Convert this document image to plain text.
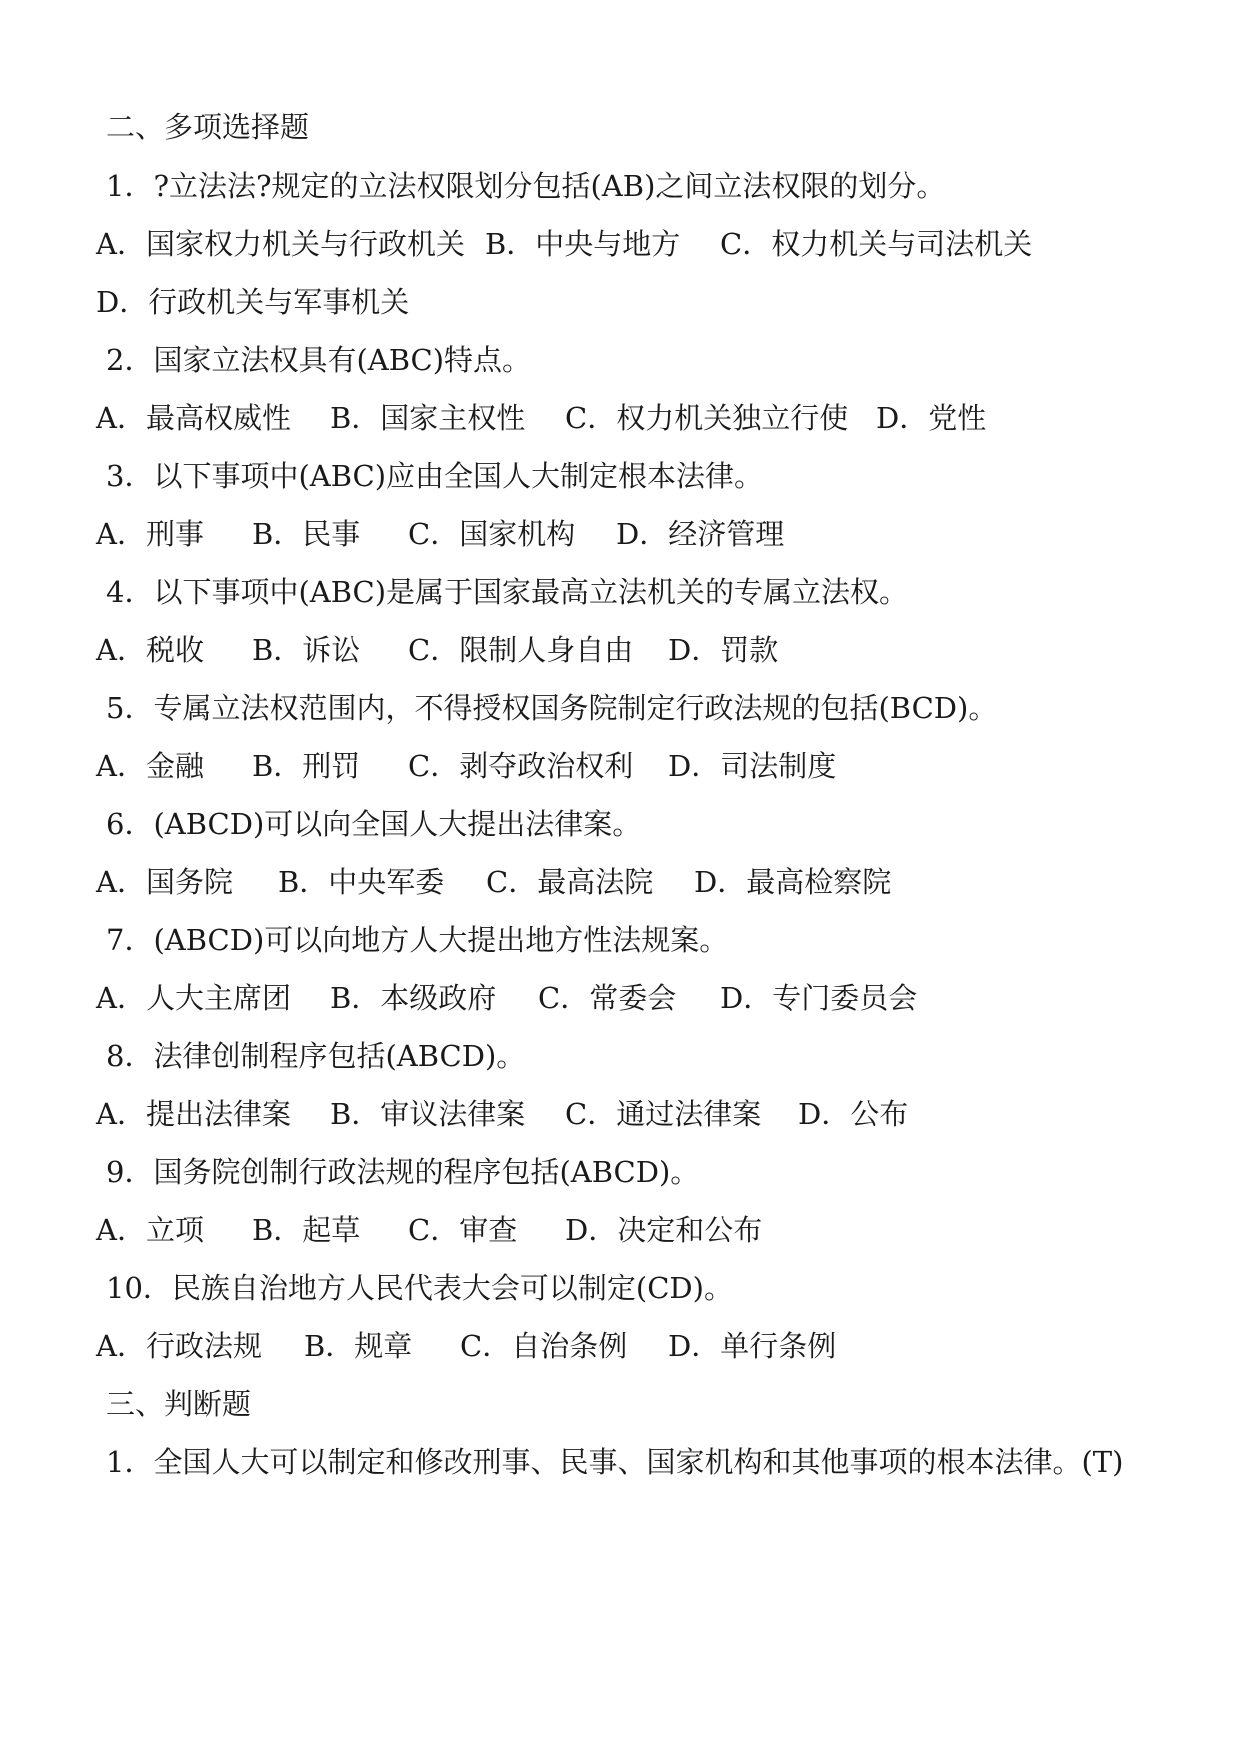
二、多项选择题
1．?立法法?规定的立法权限划分包括(AB)之间立法权限的划分。
A．国家权力机关与行政机关 B．中央与地方 C．权力机关与司法机关
D．行政机关与军事机关
2．国家立法权具有(ABC)特点。
A．最高权威性 B．国家主权性 C．权力机关独立行使 D．党性
3．以下事项中(ABC)应由全国人大制定根本法律。
A．刑事 B．民事 C．国家机构 D．经济管理
4．以下事项中(ABC)是属于国家最高立法机关的专属立法权。
A．税收 B．诉讼 C．限制人身自由 D．罚款
5．专属立法权范围内，不得授权国务院制定行政法规的包括(BCD)。
A．金融 B．刑罚 C．剥夺政治权利 D．司法制度
6．(ABCD)可以向全国人大提出法律案。
A．国务院 B．中央军委 C．最高法院 D．最高检察院
7．(ABCD)可以向地方人大提出地方性法规案。
A．人大主席团 B．本级政府 C．常委会 D．专门委员会
8．法律创制程序包括(ABCD)。
A．提出法律案 B．审议法律案 C．通过法律案 D．公布
9．国务院创制行政法规的程序包括(ABCD)。
A．立项 B．起草 C．审查 D．决定和公布
10．民族自治地方人民代表大会可以制定(CD)。
A．行政法规 B．规章 C．自治条例 D．单行条例
三、判断题
1．全国人大可以制定和修改刑事、民事、国家机构和其他事项的根本法律。(T)
